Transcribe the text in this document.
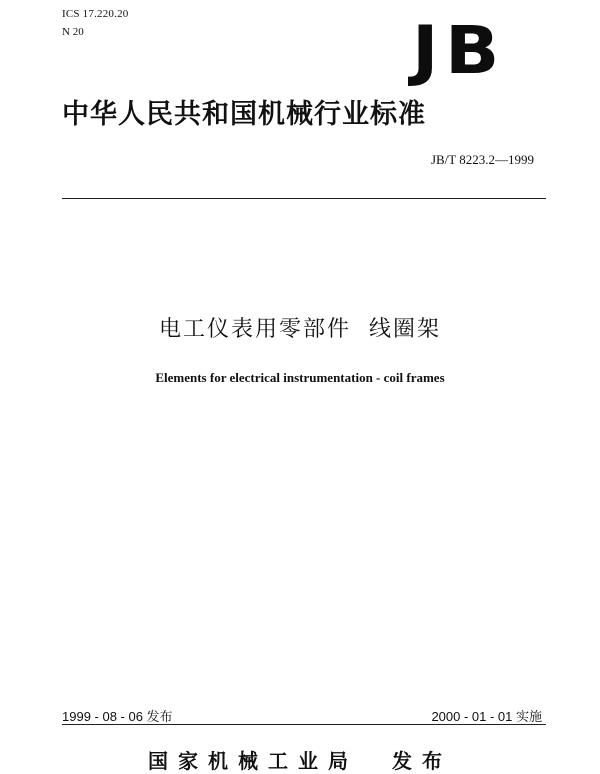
ICS 17.220.20
N 20	JB
中华人民共和国机械行业标准
JB/T 8223.2—1999
电工仪表用零部件  线圈架
Elements for electrical instrumentation - coil frames
1999 - 08 - 06 发布	2000 - 01 - 01 实施
国家机械工业局  发布
